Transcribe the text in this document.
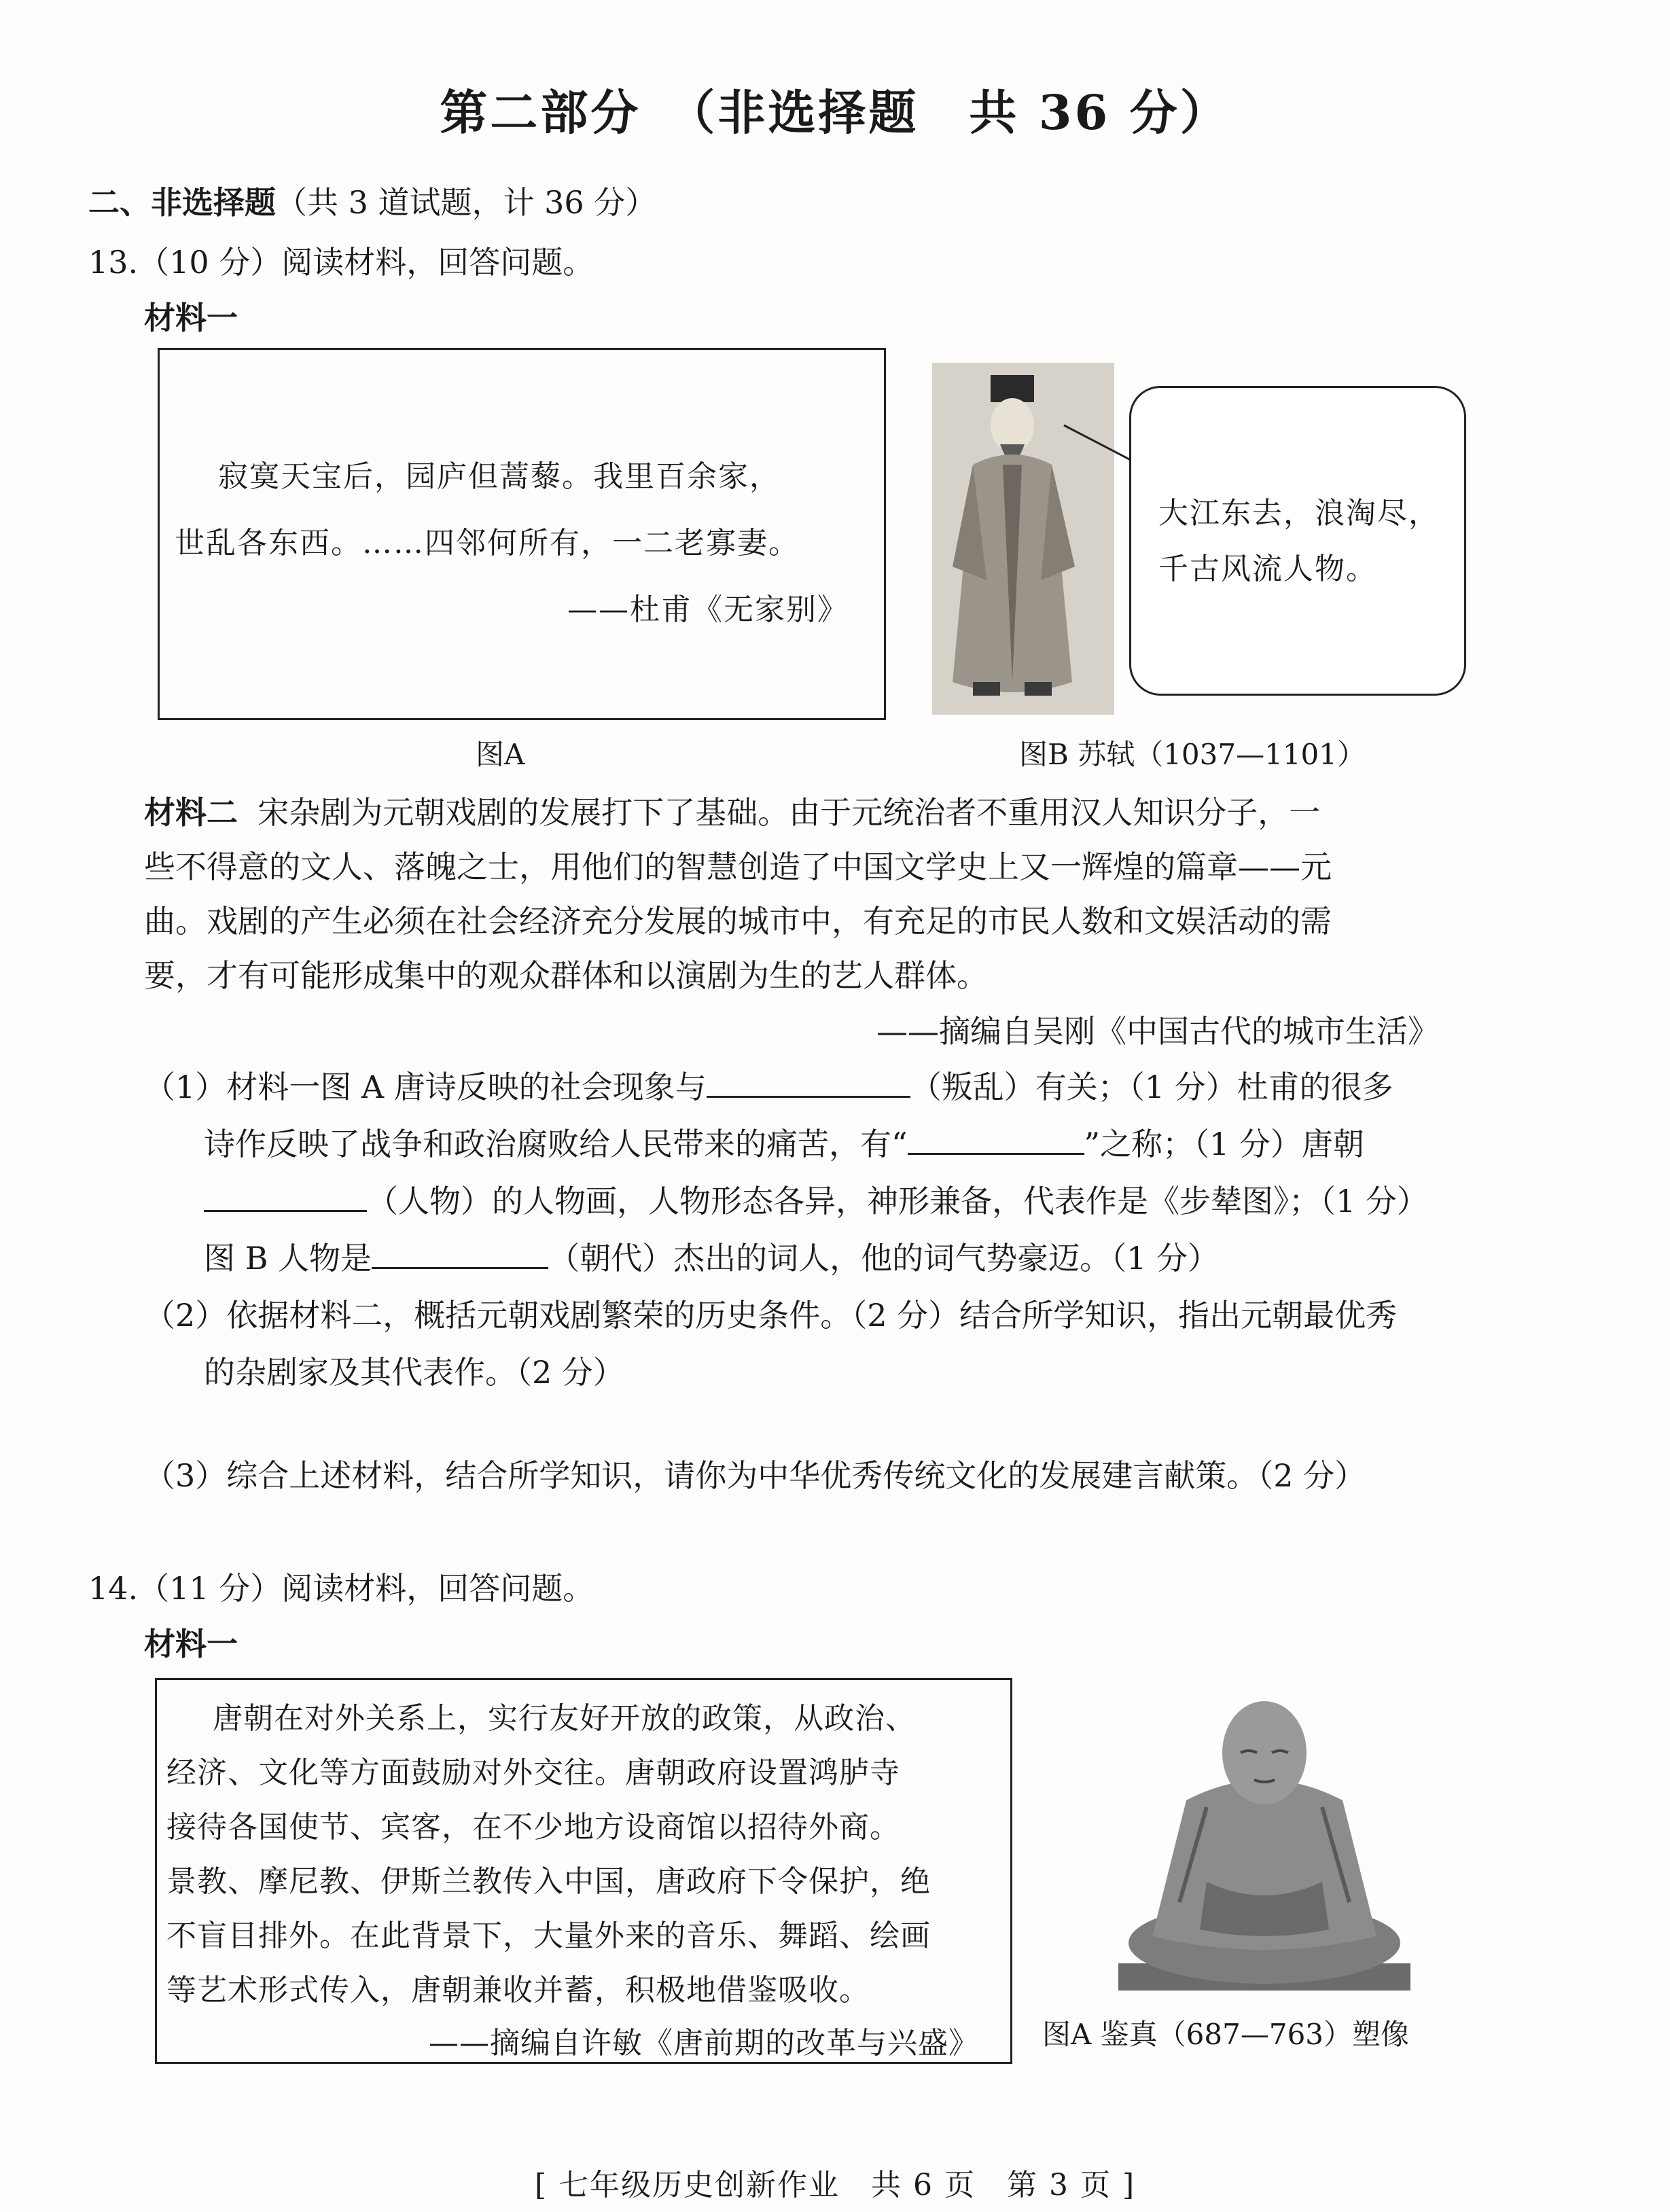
第二部分　（非选择题　共 36 分）
二、非选择题（共 3 道试题，计 36 分）
13.（10 分）阅读材料，回答问题。
材料一
寂寞天宝后，园庐但蒿藜。我里百余家，
世乱各东西。……四邻何所有，一二老寡妻。
——杜甫《无家别》
图A
大江东去，浪淘尽，
千古风流人物。
图B 苏轼（1037—1101）
材料二 宋杂剧为元朝戏剧的发展打下了基础。由于元统治者不重用汉人知识分子，一
些不得意的文人、落魄之士，用他们的智慧创造了中国文学史上又一辉煌的篇章——元
曲。戏剧的产生必须在社会经济充分发展的城市中，有充足的市民人数和文娱活动的需
要，才有可能形成集中的观众群体和以演剧为生的艺人群体。
——摘编自吴刚《中国古代的城市生活》
（1）材料一图 A 唐诗反映的社会现象与	（叛乱）有关；（1 分）杜甫的很多
诗作反映了战争和政治腐败给人民带来的痛苦，有“	”之称；（1 分）唐朝
（人物）的人物画，人物形态各异，神形兼备，代表作是《步辇图》；（1 分）
图 B 人物是	（朝代）杰出的词人，他的词气势豪迈。（1 分）
（2）依据材料二，概括元朝戏剧繁荣的历史条件。（2 分）结合所学知识，指出元朝最优秀
的杂剧家及其代表作。（2 分）
（3）综合上述材料，结合所学知识，请你为中华优秀传统文化的发展建言献策。（2 分）
14.（11 分）阅读材料，回答问题。
材料一
唐朝在对外关系上，实行友好开放的政策，从政治、
经济、文化等方面鼓励对外交往。唐朝政府设置鸿胪寺
接待各国使节、宾客，在不少地方设商馆以招待外商。
景教、摩尼教、伊斯兰教传入中国，唐政府下令保护，绝
不盲目排外。在此背景下，大量外来的音乐、舞蹈、绘画
等艺术形式传入，唐朝兼收并蓄，积极地借鉴吸收。
——摘编自许敏《唐前期的改革与兴盛》 图A 鉴真（687—763）塑像
[ 七年级历史创新作业　共 6 页　第 3 页 ]
